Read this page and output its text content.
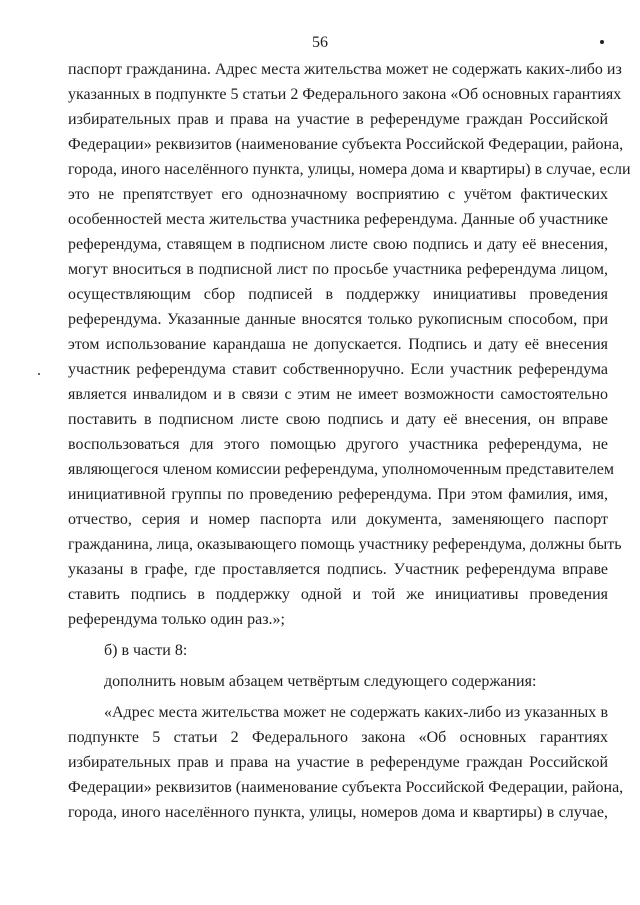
56
паспорт гражданина. Адрес места жительства может не содержать каких-либо из
указанных в подпункте 5 статьи 2 Федерального закона «Об основных гарантиях
избирательных прав и права на участие в референдуме граждан Российской
Федерации» реквизитов (наименование субъекта Российской Федерации, района,
города, иного населённого пункта, улицы, номера дома и квартиры) в случае, если
это не препятствует его однозначному восприятию с учётом фактических
особенностей места жительства участника референдума. Данные об участнике
референдума, ставящем в подписном листе свою подпись и дату её внесения,
могут вноситься в подписной лист по просьбе участника референдума лицом,
осуществляющим сбор подписей в поддержку инициативы проведения
референдума. Указанные данные вносятся только рукописным способом, при
этом использование карандаша не допускается. Подпись и дату её внесения
участник референдума ставит собственноручно. Если участник референдума
является инвалидом и в связи с этим не имеет возможности самостоятельно
поставить в подписном листе свою подпись и дату её внесения, он вправе
воспользоваться для этого помощью другого участника референдума, не
являющегося членом комиссии референдума, уполномоченным представителем
инициативной группы по проведению референдума. При этом фамилия, имя,
отчество, серия и номер паспорта или документа, заменяющего паспорт
гражданина, лица, оказывающего помощь участнику референдума, должны быть
указаны в графе, где проставляется подпись. Участник референдума вправе
ставить подпись в поддержку одной и той же инициативы проведения
референдума только один раз.»;
б) в части 8:
дополнить новым абзацем четвёртым следующего содержания:
«Адрес места жительства может не содержать каких-либо из указанных в
подпункте 5 статьи 2 Федерального закона «Об основных гарантиях
избирательных прав и права на участие в референдуме граждан Российской
Федерации» реквизитов (наименование субъекта Российской Федерации, района,
города, иного населённого пункта, улицы, номеров дома и квартиры) в случае,
